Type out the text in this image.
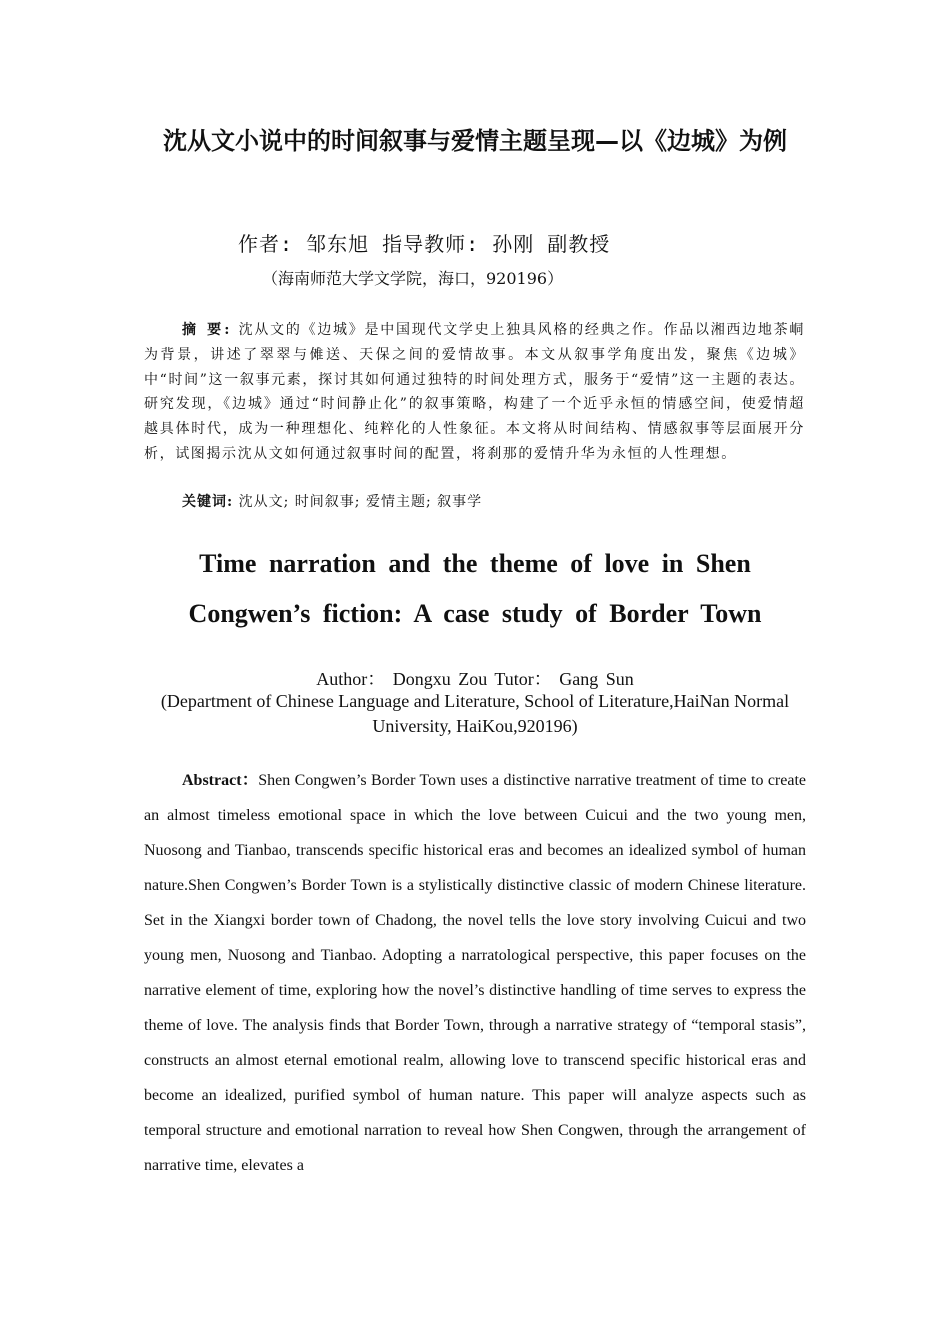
沈从文小说中的时间叙事与爱情主题呈现—以《边城》为例
作者: 邹东旭 指导教师: 孙刚 副教授
（海南师范大学文学院，海口，920196）
摘 要: 沈从文的《边城》是中国现代文学史上独具风格的经典之作。作品以湘西边地茶峒为背景，讲述了翠翠与傩送、天保之间的爱情故事。本文从叙事学角度出发，聚焦《边城》中“时间”这一叙事元素，探讨其如何通过独特的时间处理方式，服务于“爱情”这一主题的表达。研究发现，《边城》通过“时间静止化”的叙事策略，构建了一个近乎永恒的情感空间，使爱情超越具体时代，成为一种理想化、纯粹化的人性象征。本文将从时间结构、情感叙事等层面展开分析，试图揭示沈从文如何通过叙事时间的配置，将刹那的爱情升华为永恒的人性理想。
关键词: 沈从文; 时间叙事; 爱情主题; 叙事学
Time narration and the theme of love in Shen Congwen’s fiction: A case study of Border Town
Author： Dongxu Zou Tutor： Gang Sun
(Department of Chinese Language and Literature, School of Literature,HaiNan Normal University, HaiKou,920196)
Abstract：Shen Congwen’s Border Town uses a distinctive narrative treatment of time to create an almost timeless emotional space in which the love between Cuicui and the two young men, Nuosong and Tianbao, transcends specific historical eras and becomes an idealized symbol of human nature.Shen Congwen’s Border Town is a stylistically distinctive classic of modern Chinese literature. Set in the Xiangxi border town of Chadong, the novel tells the love story involving Cuicui and two young men, Nuosong and Tianbao. Adopting a narratological perspective, this paper focuses on the narrative element of time, exploring how the novel’s distinctive handling of time serves to express the theme of love. The analysis finds that Border Town, through a narrative strategy of “temporal stasis”, constructs an almost eternal emotional realm, allowing love to transcend specific historical eras and become an idealized, purified symbol of human nature. This paper will analyze aspects such as temporal structure and emotional narration to reveal how Shen Congwen, through the arrangement of narrative time, elevates a
